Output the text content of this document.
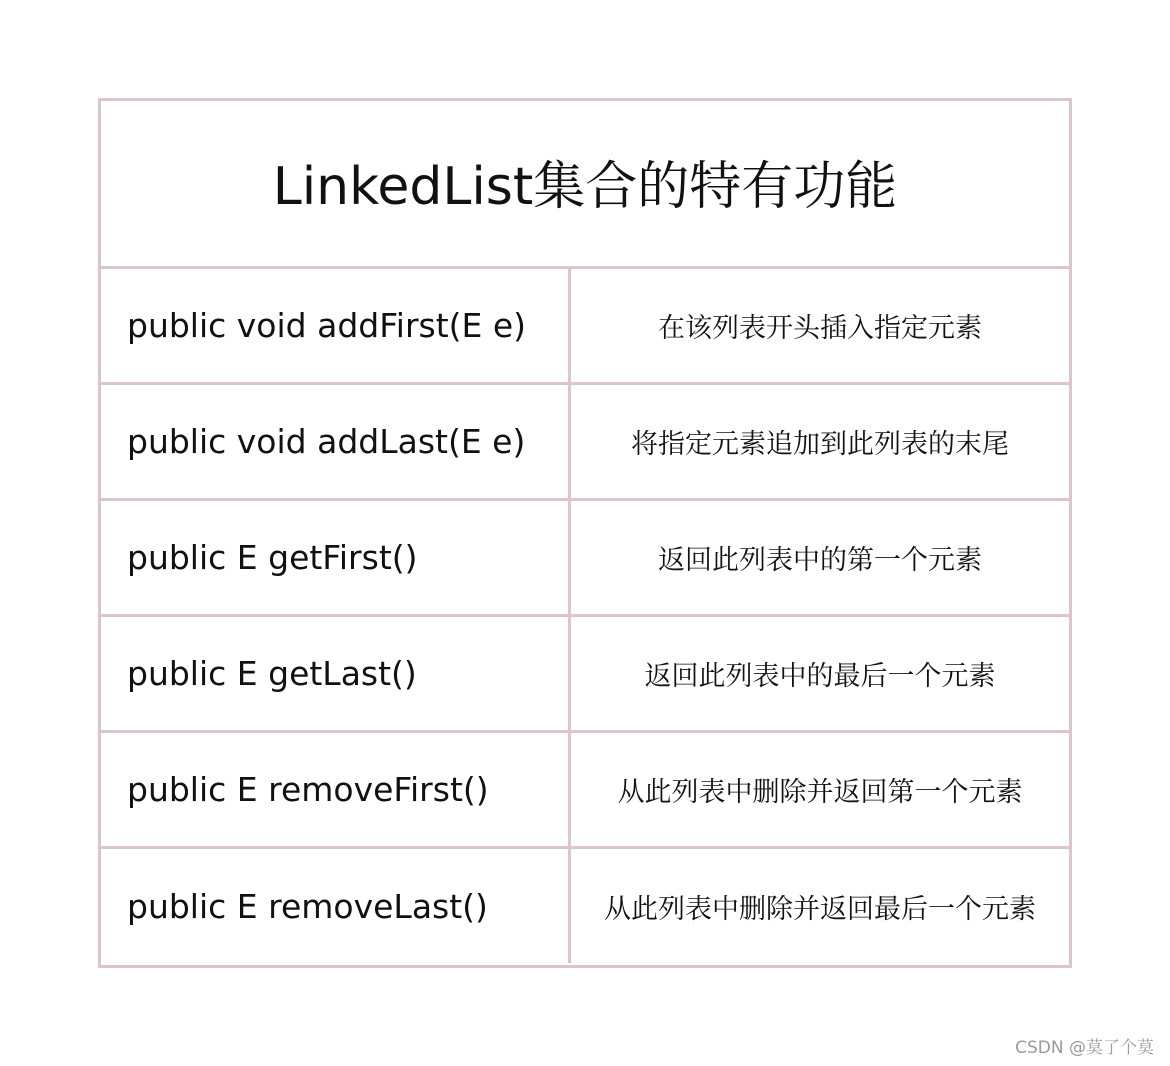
LinkedList集合的特有功能
public void addFirst(E e)	在该列表开头插入指定元素
public void addLast(E e)	将指定元素追加到此列表的末尾
public E getFirst()	返回此列表中的第一个元素
public E getLast()	返回此列表中的最后一个元素
public E removeFirst()	从此列表中删除并返回第一个元素
public E removeLast()	从此列表中删除并返回最后一个元素
CSDN @莫了个莫
